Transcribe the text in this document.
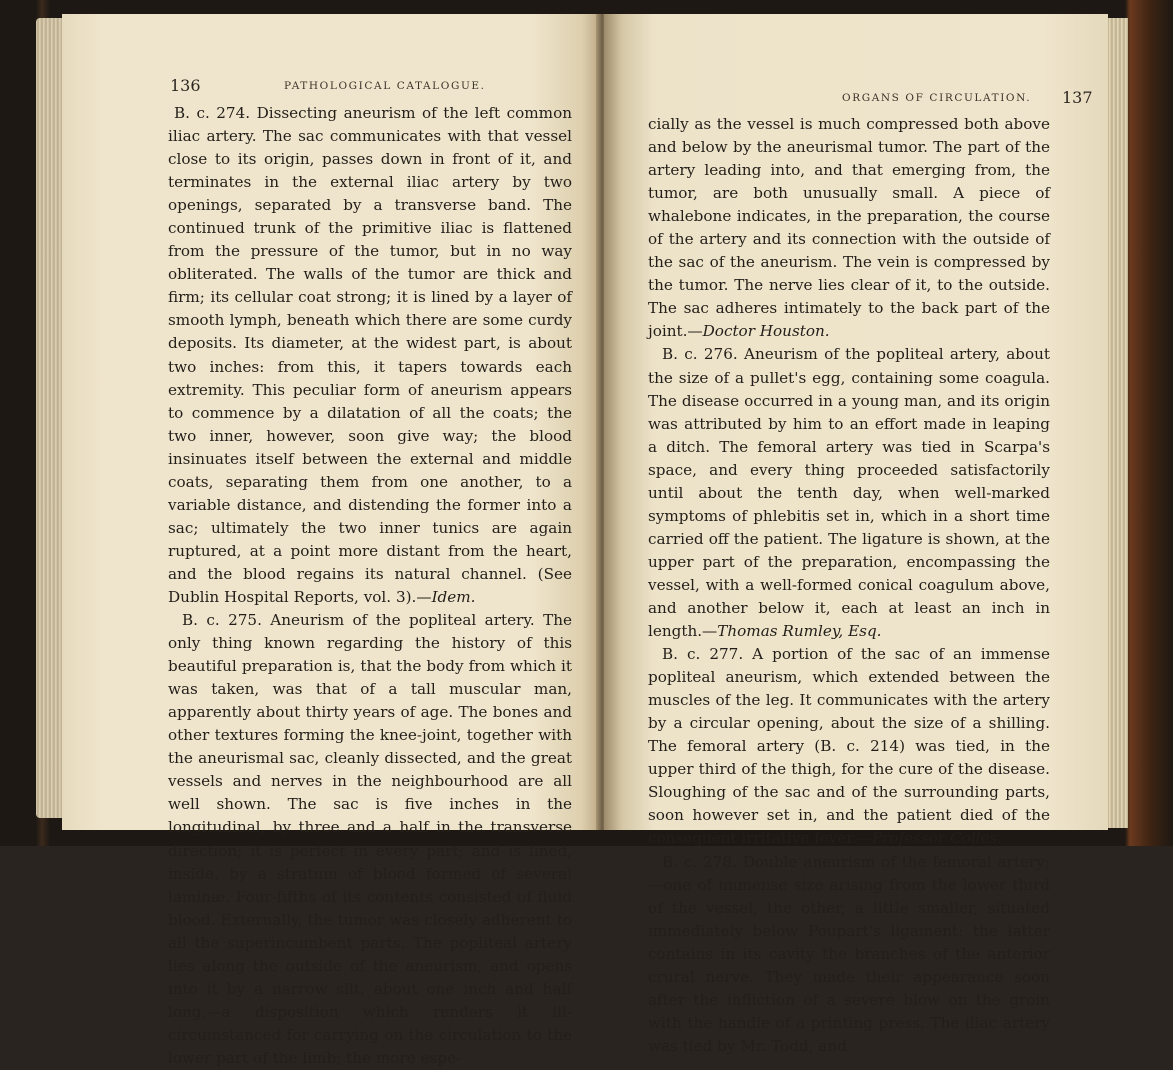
136	PATHOLOGICAL CATALOGUE.

B. c. 274. Dissecting aneurism of the left common iliac artery. The sac communicates with that vessel close to its origin, passes down in front of it, and terminates in the external iliac artery by two openings, separated by a transverse band. The continued trunk of the primitive iliac is flattened from the pressure of the tumor, but in no way obliterated. The walls of the tumor are thick and firm; its cellular coat strong; it is lined by a layer of smooth lymph, beneath which there are some curdy deposits. Its diameter, at the widest part, is about two inches: from this, it tapers towards each extremity. This peculiar form of aneurism appears to commence by a dilatation of all the coats; the two inner, however, soon give way; the blood insinuates itself between the external and middle coats, separating them from one another, to a variable distance, and distending the former into a sac; ultimately the two inner tunics are again ruptured, at a point more distant from the heart, and the blood regains its natural channel. (See Dublin Hospital Reports, vol. 3).—Idem.

B. c. 275. Aneurism of the popliteal artery. The only thing known regarding the history of this beautiful preparation is, that the body from which it was taken, was that of a tall muscular man, apparently about thirty years of age. The bones and other textures forming the knee-joint, together with the aneurismal sac, cleanly dissected, and the great vessels and nerves in the neighbourhood are all well shown. The sac is five inches in the longitudinal, by three and a half in the transverse direction; it is perfect in every part; and is lined, inside, by a stratum of blood formed of several laminæ. Four-fifths of its contents consisted of fluid blood. Externally, the tumor was closely adherent to all the superincumbent parts. The popliteal artery lies along the outside of the aneurism, and opens into it by a narrow slit, about one inch and half long,—a disposition which renders it ill-circumstanced for carrying on the circulation to the lower part of the limb; the more espe-

ORGANS OF CIRCULATION. 137

cially as the vessel is much compressed both above and below by the aneurismal tumor. The part of the artery leading into, and that emerging from, the tumor, are both unusually small. A piece of whalebone indicates, in the preparation, the course of the artery and its connection with the outside of the sac of the aneurism. The vein is compressed by the tumor. The nerve lies clear of it, to the outside. The sac adheres intimately to the back part of the joint.—Doctor Houston.

B. c. 276. Aneurism of the popliteal artery, about the size of a pullet's egg, containing some coagula. The disease occurred in a young man, and its origin was attributed by him to an effort made in leaping a ditch. The femoral artery was tied in Scarpa's space, and every thing proceeded satisfactorily until about the tenth day, when well-marked symptoms of phlebitis set in, which in a short time carried off the patient. The ligature is shown, at the upper part of the preparation, encompassing the vessel, with a well-formed conical coagulum above, and another below it, each at least an inch in length.—Thomas Rumley, Esq.

B. c. 277. A portion of the sac of an immense popliteal aneurism, which extended between the muscles of the leg. It communicates with the artery by a circular opening, about the size of a shilling. The femoral artery (B. c. 214) was tied, in the upper third of the thigh, for the cure of the disease. Sloughing of the sac and of the surrounding parts, soon however set in, and the patient died of the consequent irritative fever.—Professor Colles.

B. c. 278. Double aneurism of the femoral artery;—one of immense size arising from the lower third of the vessel, the other, a little smaller, situated immediately below Poupart's ligament: the latter contains in its cavity the branches of the anterior crural nerve. They made their appearance soon after the infliction of a severe blow on the groin with the handle of a printing press. The iliac artery was tied by Mr. Todd, and
